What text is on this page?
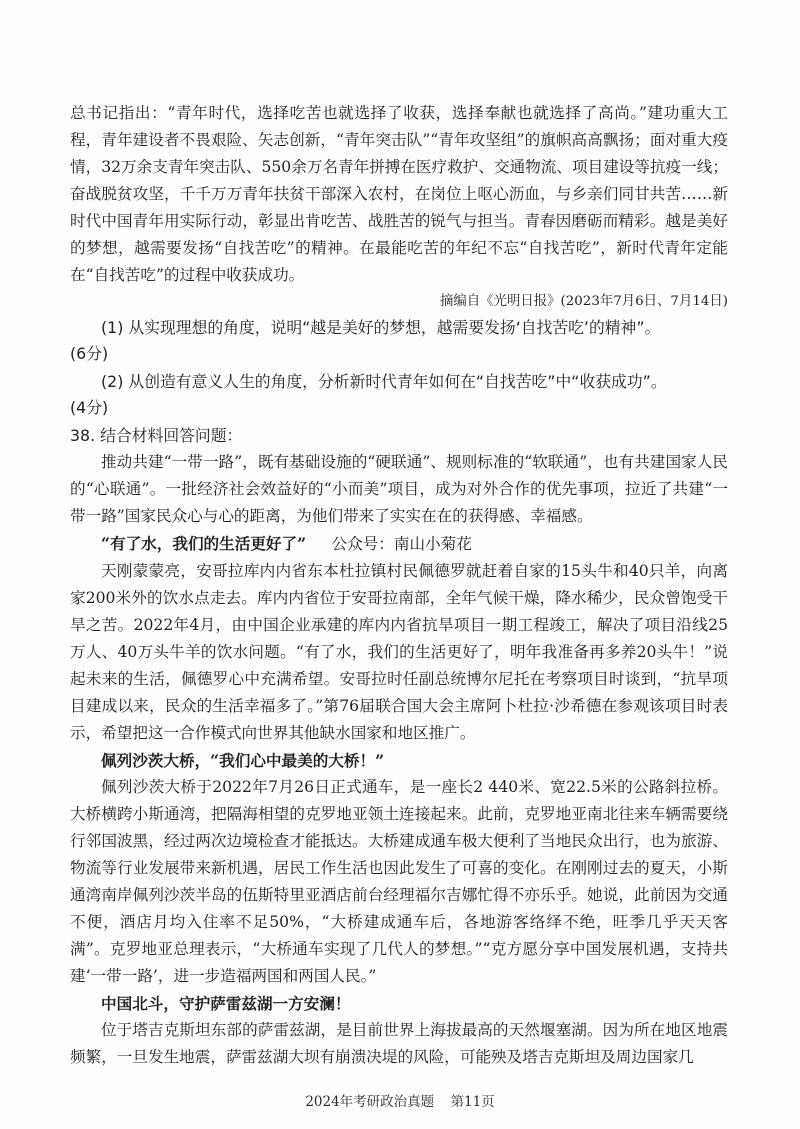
总书记指出：“青年时代，选择吃苦也就选择了收获，选择奉献也就选择了高尚。”建功重大工程，青年建设者不畏艰险、矢志创新，“青年突击队”“青年攻坚组”的旗帜高高飘扬；面对重大疫情，32万余支青年突击队、550余万名青年拼搏在医疗救护、交通物流、项目建设等抗疫一线；奋战脱贫攻坚，千千万万青年扶贫干部深入农村，在岗位上呕心沥血，与乡亲们同甘共苦……新时代中国青年用实际行动，彰显出肯吃苦、战胜苦的锐气与担当。青春因磨砺而精彩。越是美好的梦想，越需要发扬“自找苦吃”的精神。在最能吃苦的年纪不忘“自找苦吃”，新时代青年定能在“自找苦吃”的过程中收获成功。

摘编自《光明日报》(2023年7月6日、7月14日)

(1) 从实现理想的角度，说明“越是美好的梦想，越需要发扬‘自找苦吃’的精神”。

(6分)

(2) 从创造有意义人生的角度，分析新时代青年如何在“自找苦吃”中“收获成功”。

(4分)

38. 结合材料回答问题：

推动共建“一带一路”，既有基础设施的“硬联通”、规则标准的“软联通”，也有共建国家人民的“心联通”。一批经济社会效益好的“小而美”项目，成为对外合作的优先事项，拉近了共建“一带一路”国家民众心与心的距离，为他们带来了实实在在的获得感、幸福感。

“有了水，我们的生活更好了” 公众号：南山小菊花

天刚蒙蒙亮，安哥拉库内内省东本杜拉镇村民佩德罗就赶着自家的15头牛和40只羊，向离家200米外的饮水点走去。库内内省位于安哥拉南部，全年气候干燥，降水稀少，民众曾饱受干旱之苦。2022年4月，由中国企业承建的库内内省抗旱项目一期工程竣工，解决了项目沿线25万人、40万头牛羊的饮水问题。“有了水，我们的生活更好了，明年我准备再多养20头牛！”说起未来的生活，佩德罗心中充满希望。安哥拉时任副总统博尔尼托在考察项目时谈到，“抗旱项目建成以来，民众的生活幸福多了。”第76届联合国大会主席阿卜杜拉·沙希德在参观该项目时表示，希望把这一合作模式向世界其他缺水国家和地区推广。

佩列沙茨大桥，“我们心中最美的大桥！”

佩列沙茨大桥于2022年7月26日正式通车，是一座长2 440米、宽22.5米的公路斜拉桥。大桥横跨小斯通湾，把隔海相望的克罗地亚领土连接起来。此前，克罗地亚南北往来车辆需要绕行邻国波黑，经过两次边境检查才能抵达。大桥建成通车极大便利了当地民众出行，也为旅游、物流等行业发展带来新机遇，居民工作生活也因此发生了可喜的变化。在刚刚过去的夏天，小斯通湾南岸佩列沙茨半岛的伍斯特里亚酒店前台经理福尔吉娜忙得不亦乐乎。她说，此前因为交通不便，酒店月均入住率不足50%，“大桥建成通车后，各地游客络绎不绝，旺季几乎天天客满”。克罗地亚总理表示，“大桥通车实现了几代人的梦想。”“克方愿分享中国发展机遇，支持共建‘一带一路’，进一步造福两国和两国人民。”

中国北斗，守护萨雷兹湖一方安澜！

位于塔吉克斯坦东部的萨雷兹湖，是目前世界上海拔最高的天然堰塞湖。因为所在地区地震频繁，一旦发生地震，萨雷兹湖大坝有崩溃决堤的风险，可能殃及塔吉克斯坦及周边国家几

2024年考研政治真题 第11页
